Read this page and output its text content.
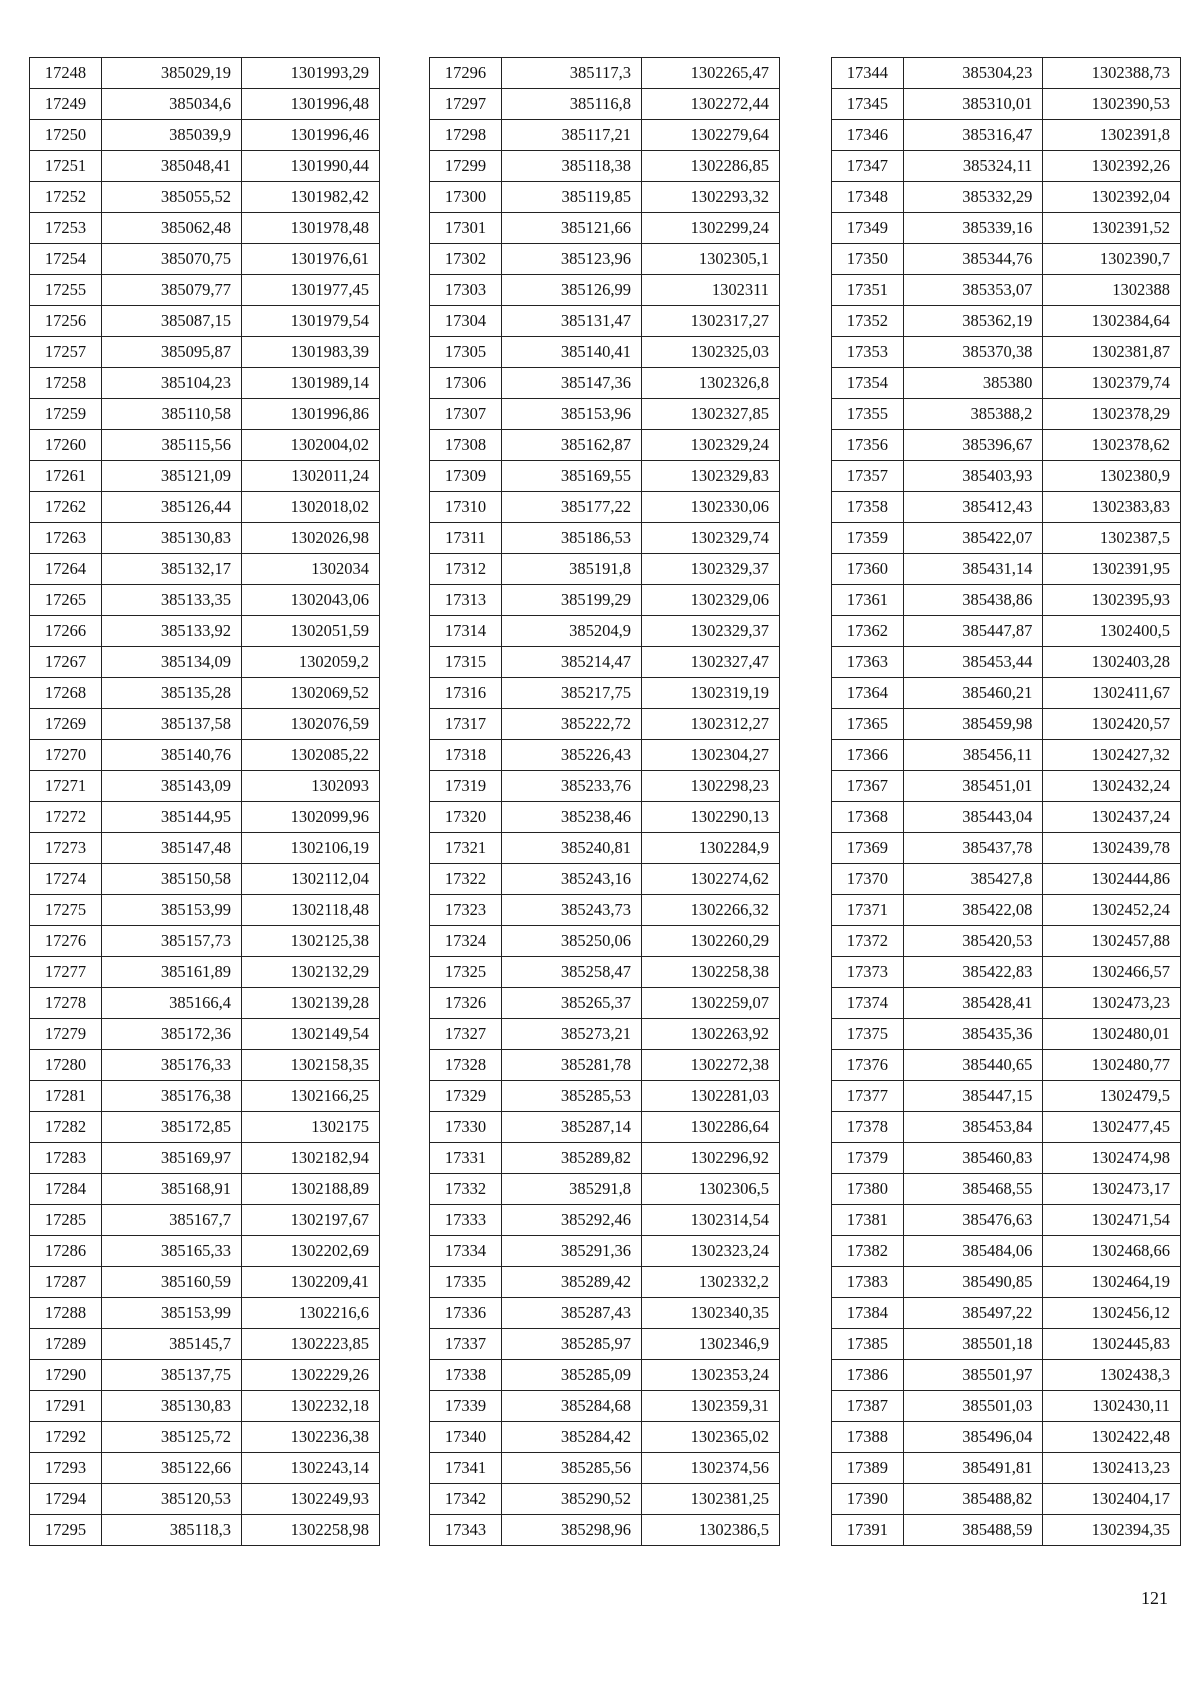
17248	385029,19	1301993,29
17249	385034,6	1301996,48
17250	385039,9	1301996,46
17251	385048,41	1301990,44
17252	385055,52	1301982,42
17253	385062,48	1301978,48
17254	385070,75	1301976,61
17255	385079,77	1301977,45
17256	385087,15	1301979,54
17257	385095,87	1301983,39
17258	385104,23	1301989,14
17259	385110,58	1301996,86
17260	385115,56	1302004,02
17261	385121,09	1302011,24
17262	385126,44	1302018,02
17263	385130,83	1302026,98
17264	385132,17	1302034
17265	385133,35	1302043,06
17266	385133,92	1302051,59
17267	385134,09	1302059,2
17268	385135,28	1302069,52
17269	385137,58	1302076,59
17270	385140,76	1302085,22
17271	385143,09	1302093
17272	385144,95	1302099,96
17273	385147,48	1302106,19
17274	385150,58	1302112,04
17275	385153,99	1302118,48
17276	385157,73	1302125,38
17277	385161,89	1302132,29
17278	385166,4	1302139,28
17279	385172,36	1302149,54
17280	385176,33	1302158,35
17281	385176,38	1302166,25
17282	385172,85	1302175
17283	385169,97	1302182,94
17284	385168,91	1302188,89
17285	385167,7	1302197,67
17286	385165,33	1302202,69
17287	385160,59	1302209,41
17288	385153,99	1302216,6
17289	385145,7	1302223,85
17290	385137,75	1302229,26
17291	385130,83	1302232,18
17292	385125,72	1302236,38
17293	385122,66	1302243,14
17294	385120,53	1302249,93
17295	385118,3	1302258,98
17296	385117,3	1302265,47
17297	385116,8	1302272,44
17298	385117,21	1302279,64
17299	385118,38	1302286,85
17300	385119,85	1302293,32
17301	385121,66	1302299,24
17302	385123,96	1302305,1
17303	385126,99	1302311
17304	385131,47	1302317,27
17305	385140,41	1302325,03
17306	385147,36	1302326,8
17307	385153,96	1302327,85
17308	385162,87	1302329,24
17309	385169,55	1302329,83
17310	385177,22	1302330,06
17311	385186,53	1302329,74
17312	385191,8	1302329,37
17313	385199,29	1302329,06
17314	385204,9	1302329,37
17315	385214,47	1302327,47
17316	385217,75	1302319,19
17317	385222,72	1302312,27
17318	385226,43	1302304,27
17319	385233,76	1302298,23
17320	385238,46	1302290,13
17321	385240,81	1302284,9
17322	385243,16	1302274,62
17323	385243,73	1302266,32
17324	385250,06	1302260,29
17325	385258,47	1302258,38
17326	385265,37	1302259,07
17327	385273,21	1302263,92
17328	385281,78	1302272,38
17329	385285,53	1302281,03
17330	385287,14	1302286,64
17331	385289,82	1302296,92
17332	385291,8	1302306,5
17333	385292,46	1302314,54
17334	385291,36	1302323,24
17335	385289,42	1302332,2
17336	385287,43	1302340,35
17337	385285,97	1302346,9
17338	385285,09	1302353,24
17339	385284,68	1302359,31
17340	385284,42	1302365,02
17341	385285,56	1302374,56
17342	385290,52	1302381,25
17343	385298,96	1302386,5
17344	385304,23	1302388,73
17345	385310,01	1302390,53
17346	385316,47	1302391,8
17347	385324,11	1302392,26
17348	385332,29	1302392,04
17349	385339,16	1302391,52
17350	385344,76	1302390,7
17351	385353,07	1302388
17352	385362,19	1302384,64
17353	385370,38	1302381,87
17354	385380	1302379,74
17355	385388,2	1302378,29
17356	385396,67	1302378,62
17357	385403,93	1302380,9
17358	385412,43	1302383,83
17359	385422,07	1302387,5
17360	385431,14	1302391,95
17361	385438,86	1302395,93
17362	385447,87	1302400,5
17363	385453,44	1302403,28
17364	385460,21	1302411,67
17365	385459,98	1302420,57
17366	385456,11	1302427,32
17367	385451,01	1302432,24
17368	385443,04	1302437,24
17369	385437,78	1302439,78
17370	385427,8	1302444,86
17371	385422,08	1302452,24
17372	385420,53	1302457,88
17373	385422,83	1302466,57
17374	385428,41	1302473,23
17375	385435,36	1302480,01
17376	385440,65	1302480,77
17377	385447,15	1302479,5
17378	385453,84	1302477,45
17379	385460,83	1302474,98
17380	385468,55	1302473,17
17381	385476,63	1302471,54
17382	385484,06	1302468,66
17383	385490,85	1302464,19
17384	385497,22	1302456,12
17385	385501,18	1302445,83
17386	385501,97	1302438,3
17387	385501,03	1302430,11
17388	385496,04	1302422,48
17389	385491,81	1302413,23
17390	385488,82	1302404,17
17391	385488,59	1302394,35
121
